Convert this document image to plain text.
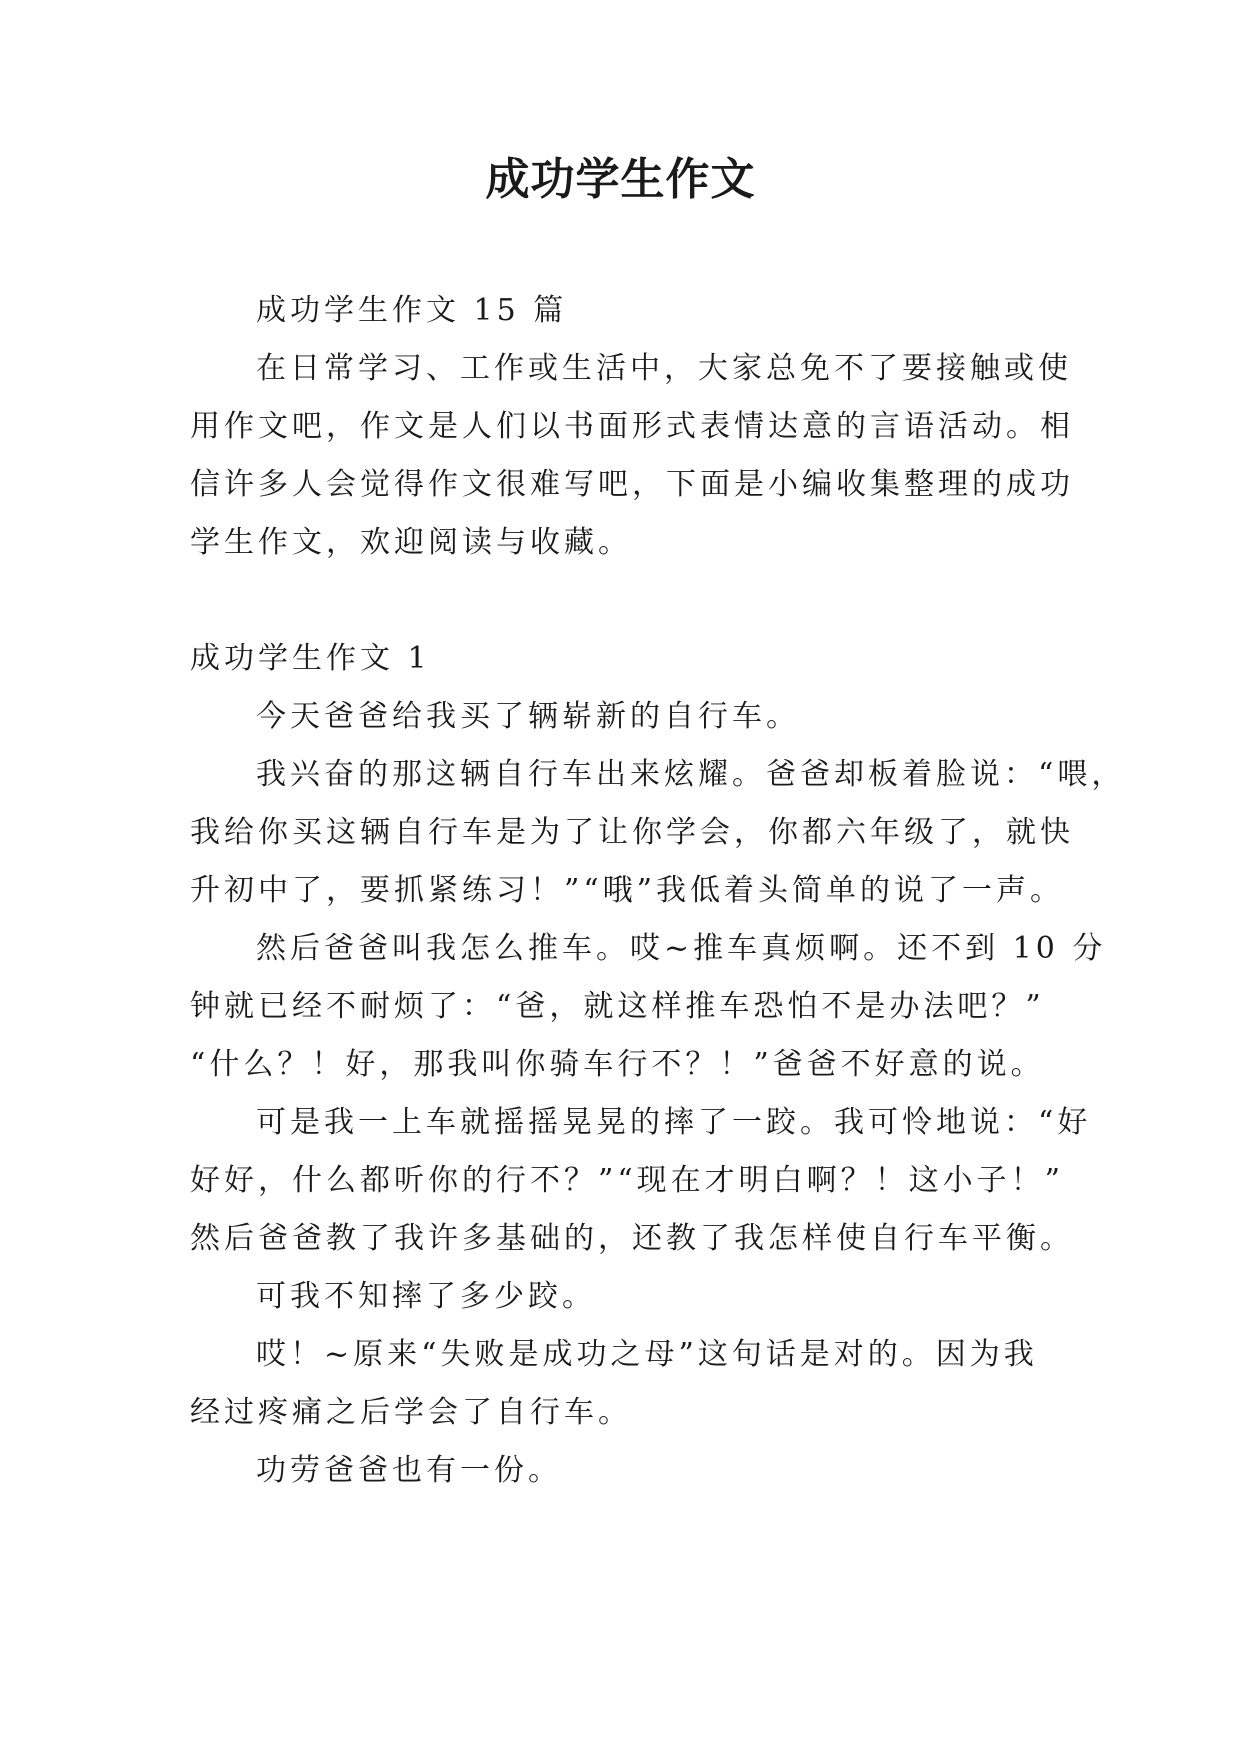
成功学生作文

成功学生作文 15 篇

在日常学习、工作或生活中，大家总免不了要接触或使

用作文吧，作文是人们以书面形式表情达意的言语活动。相

信许多人会觉得作文很难写吧，下面是小编收集整理的成功

学生作文，欢迎阅读与收藏。

成功学生作文 1

今天爸爸给我买了辆崭新的自行车。

我兴奋的那这辆自行车出来炫耀。爸爸却板着脸说：“喂，

我给你买这辆自行车是为了让你学会，你都六年级了，就快

升初中了，要抓紧练习！”“哦”我低着头简单的说了一声。

然后爸爸叫我怎么推车。哎~推车真烦啊。还不到 10 分

钟就已经不耐烦了：“爸，就这样推车恐怕不是办法吧？”

“什么？！好，那我叫你骑车行不？！”爸爸不好意的说。

可是我一上车就摇摇晃晃的摔了一跤。我可怜地说：“好

好好，什么都听你的行不？”“现在才明白啊？！这小子！”

然后爸爸教了我许多基础的，还教了我怎样使自行车平衡。

可我不知摔了多少跤。

哎！~原来“失败是成功之母”这句话是对的。因为我

经过疼痛之后学会了自行车。

功劳爸爸也有一份。
